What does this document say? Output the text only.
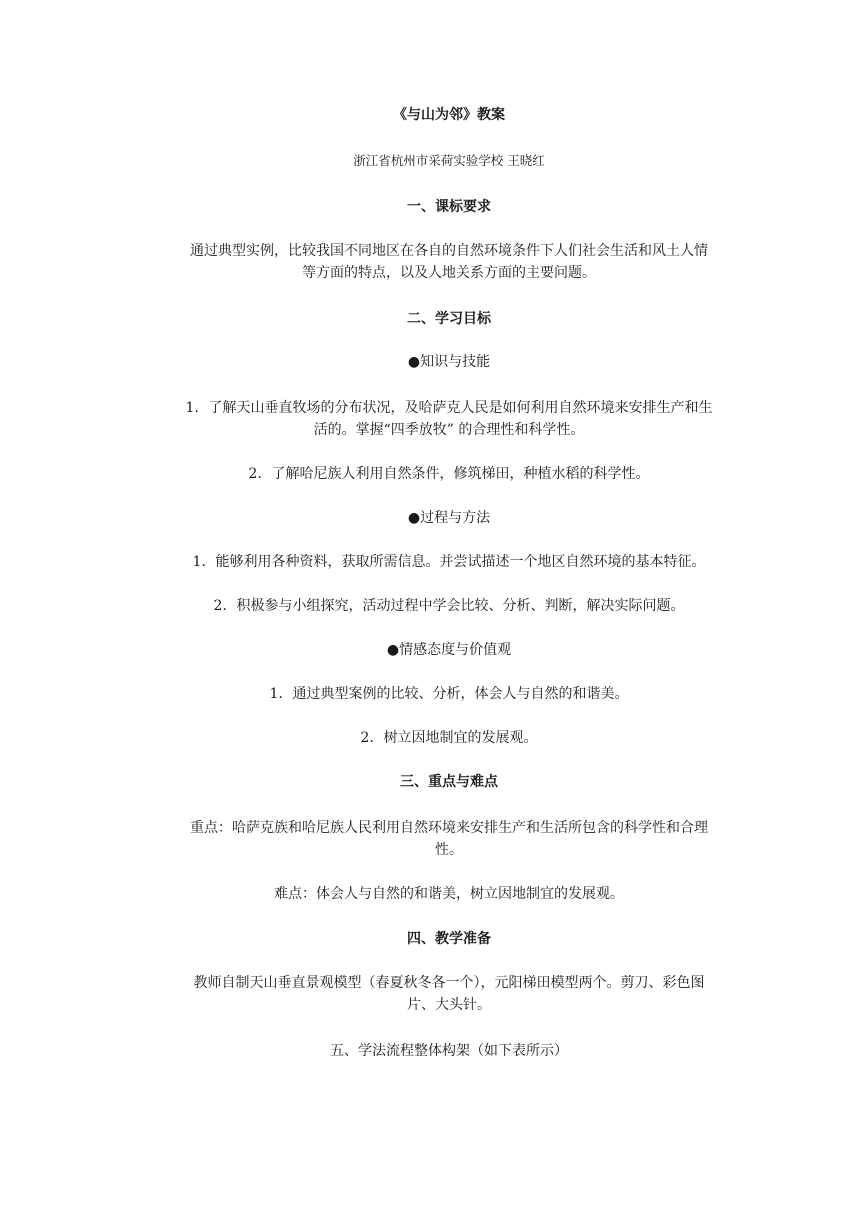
《与山为邻》教案
浙江省杭州市采荷实验学校 王晓红
一、课标要求
通过典型实例，比较我国不同地区在各自的自然环境条件下人们社会生活和风土人情
等方面的特点，以及人地关系方面的主要问题。
二、学习目标
●知识与技能
1．了解天山垂直牧场的分布状况，及哈萨克人民是如何利用自然环境来安排生产和生
活的。掌握“四季放牧” 的合理性和科学性。
2．了解哈尼族人利用自然条件，修筑梯田，种植水稻的科学性。
●过程与方法
1．能够利用各种资料，获取所需信息。并尝试描述一个地区自然环境的基本特征。
2．积极参与小组探究，活动过程中学会比较、分析、判断，解决实际问题。
●情感态度与价值观
1．通过典型案例的比较、分析，体会人与自然的和谐美。
2．树立因地制宜的发展观。
三、重点与难点
重点：哈萨克族和哈尼族人民利用自然环境来安排生产和生活所包含的科学性和合理
性。
难点：体会人与自然的和谐美，树立因地制宜的发展观。
四、教学准备
教师自制天山垂直景观模型（春夏秋冬各一个），元阳梯田模型两个。剪刀、彩色图
片、大头针。
五、学法流程整体构架（如下表所示）
